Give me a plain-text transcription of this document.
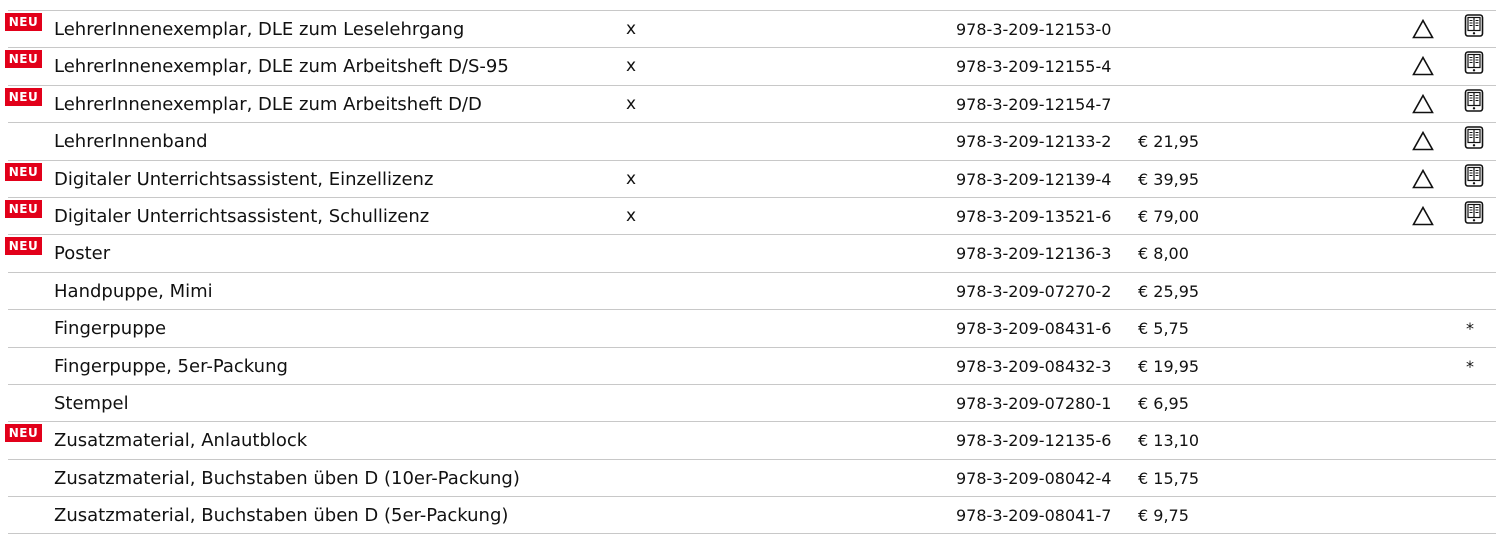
NEU LehrerInnenexemplar, DLE zum Leselehrgang	x	978-3-209-12153-0
NEU LehrerInnenexemplar, DLE zum Arbeitsheft D/S-95	x	978-3-209-12155-4
NEU LehrerInnenexemplar, DLE zum Arbeitsheft D/D	x	978-3-209-12154-7
LehrerInnenband	978-3-209-12133-2 € 21,95
NEU Digitaler Unterrichtsassistent, Einzellizenz	x	978-3-209-12139-4 € 39,95
NEU Digitaler Unterrichtsassistent, Schullizenz	x	978-3-209-13521-6 € 79,00
NEU Poster	978-3-209-12136-3 € 8,00
Handpuppe, Mimi	978-3-209-07270-2 € 25,95
Fingerpuppe	978-3-209-08431-6 € 5,75	*
Fingerpuppe, 5er-Packung	978-3-209-08432-3 € 19,95	*
Stempel	978-3-209-07280-1 € 6,95
NEU Zusatzmaterial, Anlautblock	978-3-209-12135-6 € 13,10
Zusatzmaterial, Buchstaben üben D (10er-Packung)	978-3-209-08042-4 € 15,75
Zusatzmaterial, Buchstaben üben D (5er-Packung)	978-3-209-08041-7 € 9,75
